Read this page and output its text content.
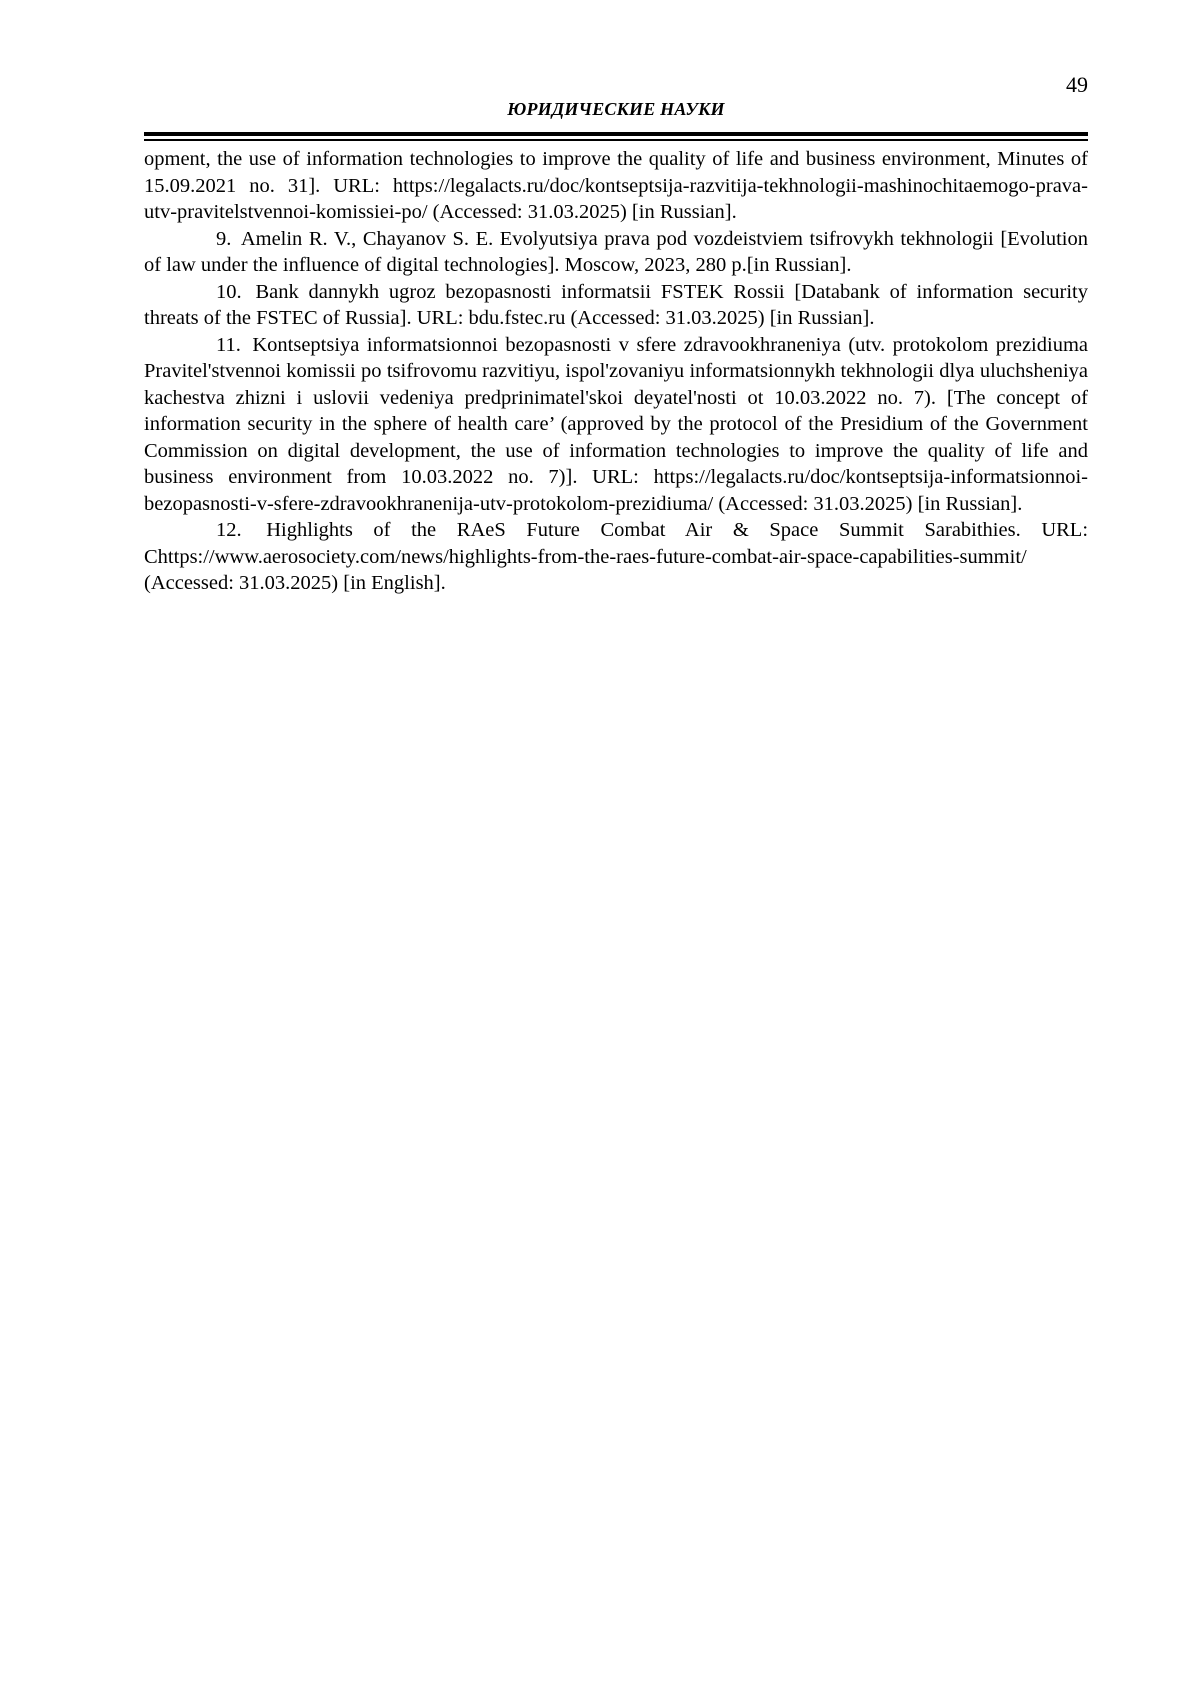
49
ЮРИДИЧЕСКИЕ НАУКИ

opment, the use of information technologies to improve the quality of life and business environment, Minutes of 15.09.2021 no. 31]. URL: https://legalacts.ru/doc/kontseptsija-razvitija-tekhnologii-mashinochitaemogo-prava-utv-pravitelstvennoi-komissiei-po/ (Accessed: 31.03.2025) [in Russian].

9. Amelin R. V., Chayanov S. E. Evolyutsiya prava pod vozdeistviem tsifrovykh tekhnologii [Evolution of law under the influence of digital technologies]. Moscow, 2023, 280 p.[in Russian].

10. Bank dannykh ugroz bezopasnosti informatsii FSTEK Rossii [Databank of information security threats of the FSTEC of Russia]. URL: bdu.fstec.ru (Accessed: 31.03.2025) [in Russian].

11. Kontseptsiya informatsionnoi bezopasnosti v sfere zdravookhraneniya (utv. protokolom prezidiuma Pravitel'stvennoi komissii po tsifrovomu razvitiyu, ispol'zovaniyu informatsionnykh tekhnologii dlya uluchsheniya kachestva zhizni i uslovii vedeniya predprinimatel'skoi deyatel'nosti ot 10.03.2022 no. 7). [The concept of information security in the sphere of health care’ (approved by the protocol of the Presidium of the Government Commission on digital development, the use of information technologies to improve the quality of life and business environment from 10.03.2022 no. 7)]. URL: https://legalacts.ru/doc/kontseptsija-informatsionnoi-bezopasnosti-v-sfere-zdravookhranenija-utv-protokolom-prezidiuma/ (Accessed: 31.03.2025) [in Russian].

12. Highlights of the RAeS Future Combat Air & Space Summit Sarabithies. URL: Chttps://www.aerosociety.com/news/highlights-from-the-raes-future-combat-air-space-capabilities-summit/ (Accessed: 31.03.2025) [in English].
